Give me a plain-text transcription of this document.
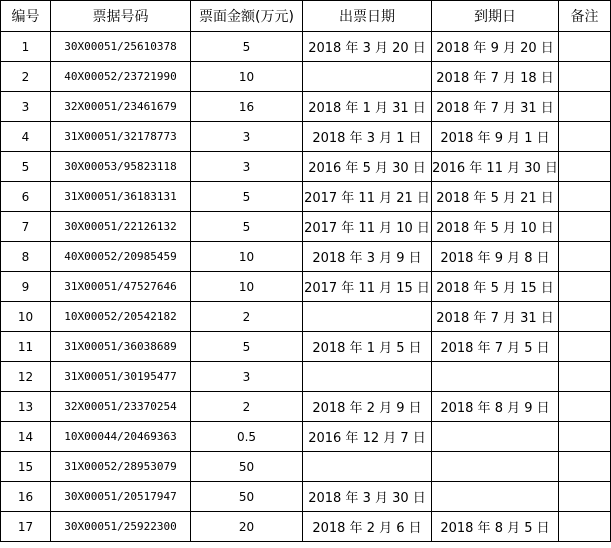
编号	票据号码	票面金额(万元)	出票日期	到期日	备注
1	30X00051/25610378	5	2018 年 3 月 20 日	2018 年 9 月 20 日	
2	40X00052/23721990	10		2018 年 7 月 18 日	
3	32X00051/23461679	16	2018 年 1 月 31 日	2018 年 7 月 31 日	
4	31X00051/32178773	3	2018 年 3 月 1 日	2018 年 9 月 1 日	
5	30X00053/95823118	3	2016 年 5 月 30 日	2016 年 11 月 30 日	
6	31X00051/36183131	5	2017 年 11 月 21 日	2018 年 5 月 21 日	
7	30X00051/22126132	5	2017 年 11 月 10 日	2018 年 5 月 10 日	
8	40X00052/20985459	10	2018 年 3 月 9 日	2018 年 9 月 8 日	
9	31X00051/47527646	10	2017 年 11 月 15 日	2018 年 5 月 15 日	
10	10X00052/20542182	2		2018 年 7 月 31 日	
11	31X00051/36038689	5	2018 年 1 月 5 日	2018 年 7 月 5 日	
12	31X00051/30195477	3			
13	32X00051/23370254	2	2018 年 2 月 9 日	2018 年 8 月 9 日	
14	10X00044/20469363	0.5	2016 年 12 月 7 日		
15	31X00052/28953079	50			
16	30X00051/20517947	50	2018 年 3 月 30 日		
17	30X00051/25922300	20	2018 年 2 月 6 日	2018 年 8 月 5 日	
